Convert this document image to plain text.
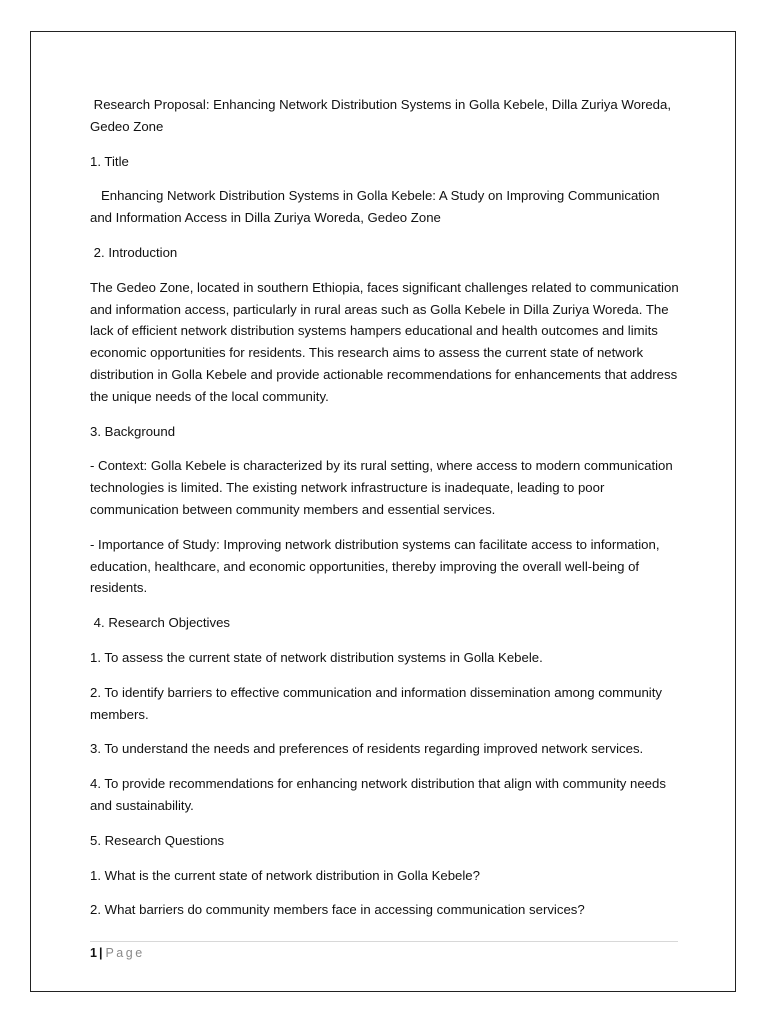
Research Proposal: Enhancing Network Distribution Systems in Golla Kebele, Dilla Zuriya Woreda, Gedeo Zone

1. Title

Enhancing Network Distribution Systems in Golla Kebele: A Study on Improving Communication and Information Access in Dilla Zuriya Woreda, Gedeo Zone

2. Introduction

The Gedeo Zone, located in southern Ethiopia, faces significant challenges related to communication and information access, particularly in rural areas such as Golla Kebele in Dilla Zuriya Woreda. The lack of efficient network distribution systems hampers educational and health outcomes and limits economic opportunities for residents. This research aims to assess the current state of network distribution in Golla Kebele and provide actionable recommendations for enhancements that address the unique needs of the local community.

3. Background

- Context: Golla Kebele is characterized by its rural setting, where access to modern communication technologies is limited. The existing network infrastructure is inadequate, leading to poor communication between community members and essential services.

- Importance of Study: Improving network distribution systems can facilitate access to information, education, healthcare, and economic opportunities, thereby improving the overall well-being of residents.

4. Research Objectives

1. To assess the current state of network distribution systems in Golla Kebele.

2. To identify barriers to effective communication and information dissemination among community members.

3. To understand the needs and preferences of residents regarding improved network services.

4. To provide recommendations for enhancing network distribution that align with community needs and sustainability.

5. Research Questions

1. What is the current state of network distribution in Golla Kebele?

2. What barriers do community members face in accessing communication services?

1 | Page
